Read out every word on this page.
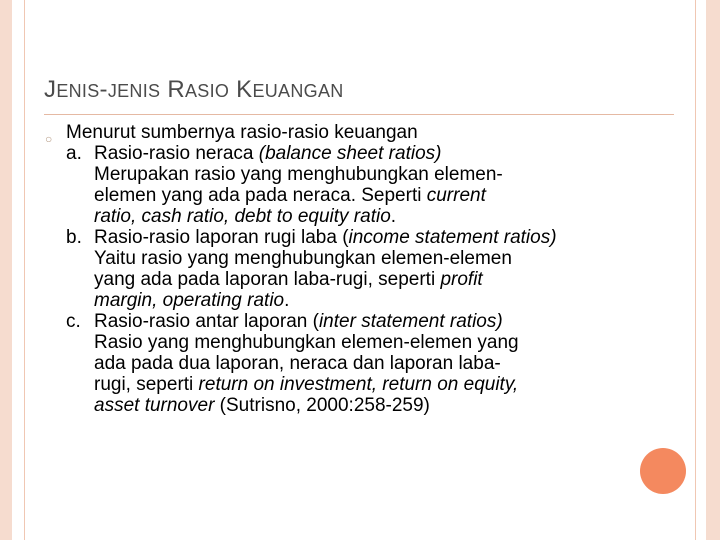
JENIS-JENIS RASIO KEUANGAN
○ Menurut sumbernya rasio-rasio keuangan

a. Rasio-rasio neraca (balance sheet ratios)
Merupakan rasio yang menghubungkan elemen-
elemen yang ada pada neraca. Seperti current
ratio, cash ratio, debt to equity ratio.
b. Rasio-rasio laporan rugi laba (income statement ratios)
Yaitu rasio yang menghubungkan elemen-elemen
yang ada pada laporan laba-rugi, seperti profit
margin, operating ratio.
c. Rasio-rasio antar laporan (inter statement ratios)
Rasio yang menghubungkan elemen-elemen yang
ada pada dua laporan, neraca dan laporan laba-
rugi, seperti return on investment, return on equity,
asset turnover (Sutrisno, 2000:258-259)
